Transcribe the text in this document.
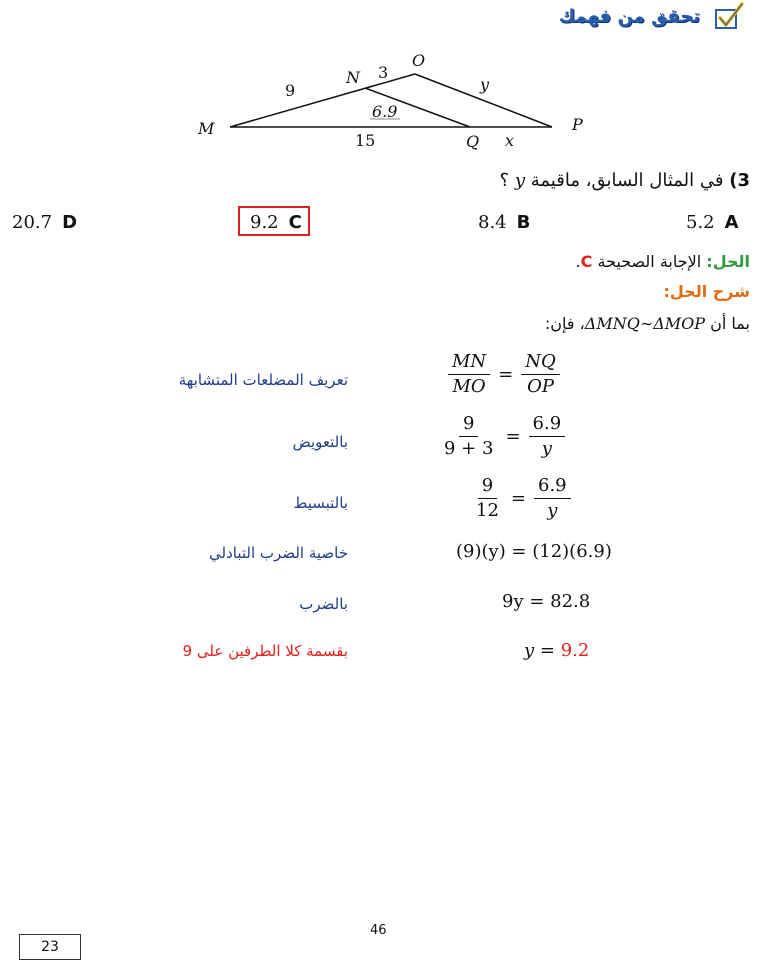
تحقق من فهمك
M
N
O
P
Q x
y
9
3
6.9
15
3) في المثال السابق، ماقيمة y ؟
5.2 A
8.4 B
9.2 C
20.7 D
الحل: الإجابة الصحيحة C.
شرح الحل:
بما أن ΔMNQ∼ΔMOP، فإن:
تعريف المضلعات المتشابهة	$\frac{MN}{MO} = \frac{NQ}{OP}$
بالتعويض	$\frac{9}{9 + 3} = \frac{6.9}{y}$
بالتبسيط	$\frac{9}{12} = \frac{6.9}{y}$
خاصية الضرب التبادلي	(9)(y) = (12)(6.9)
بالضرب	9y = 82.8
بقسمة كلا الطرفين على 9	y = 9.2
46
23
